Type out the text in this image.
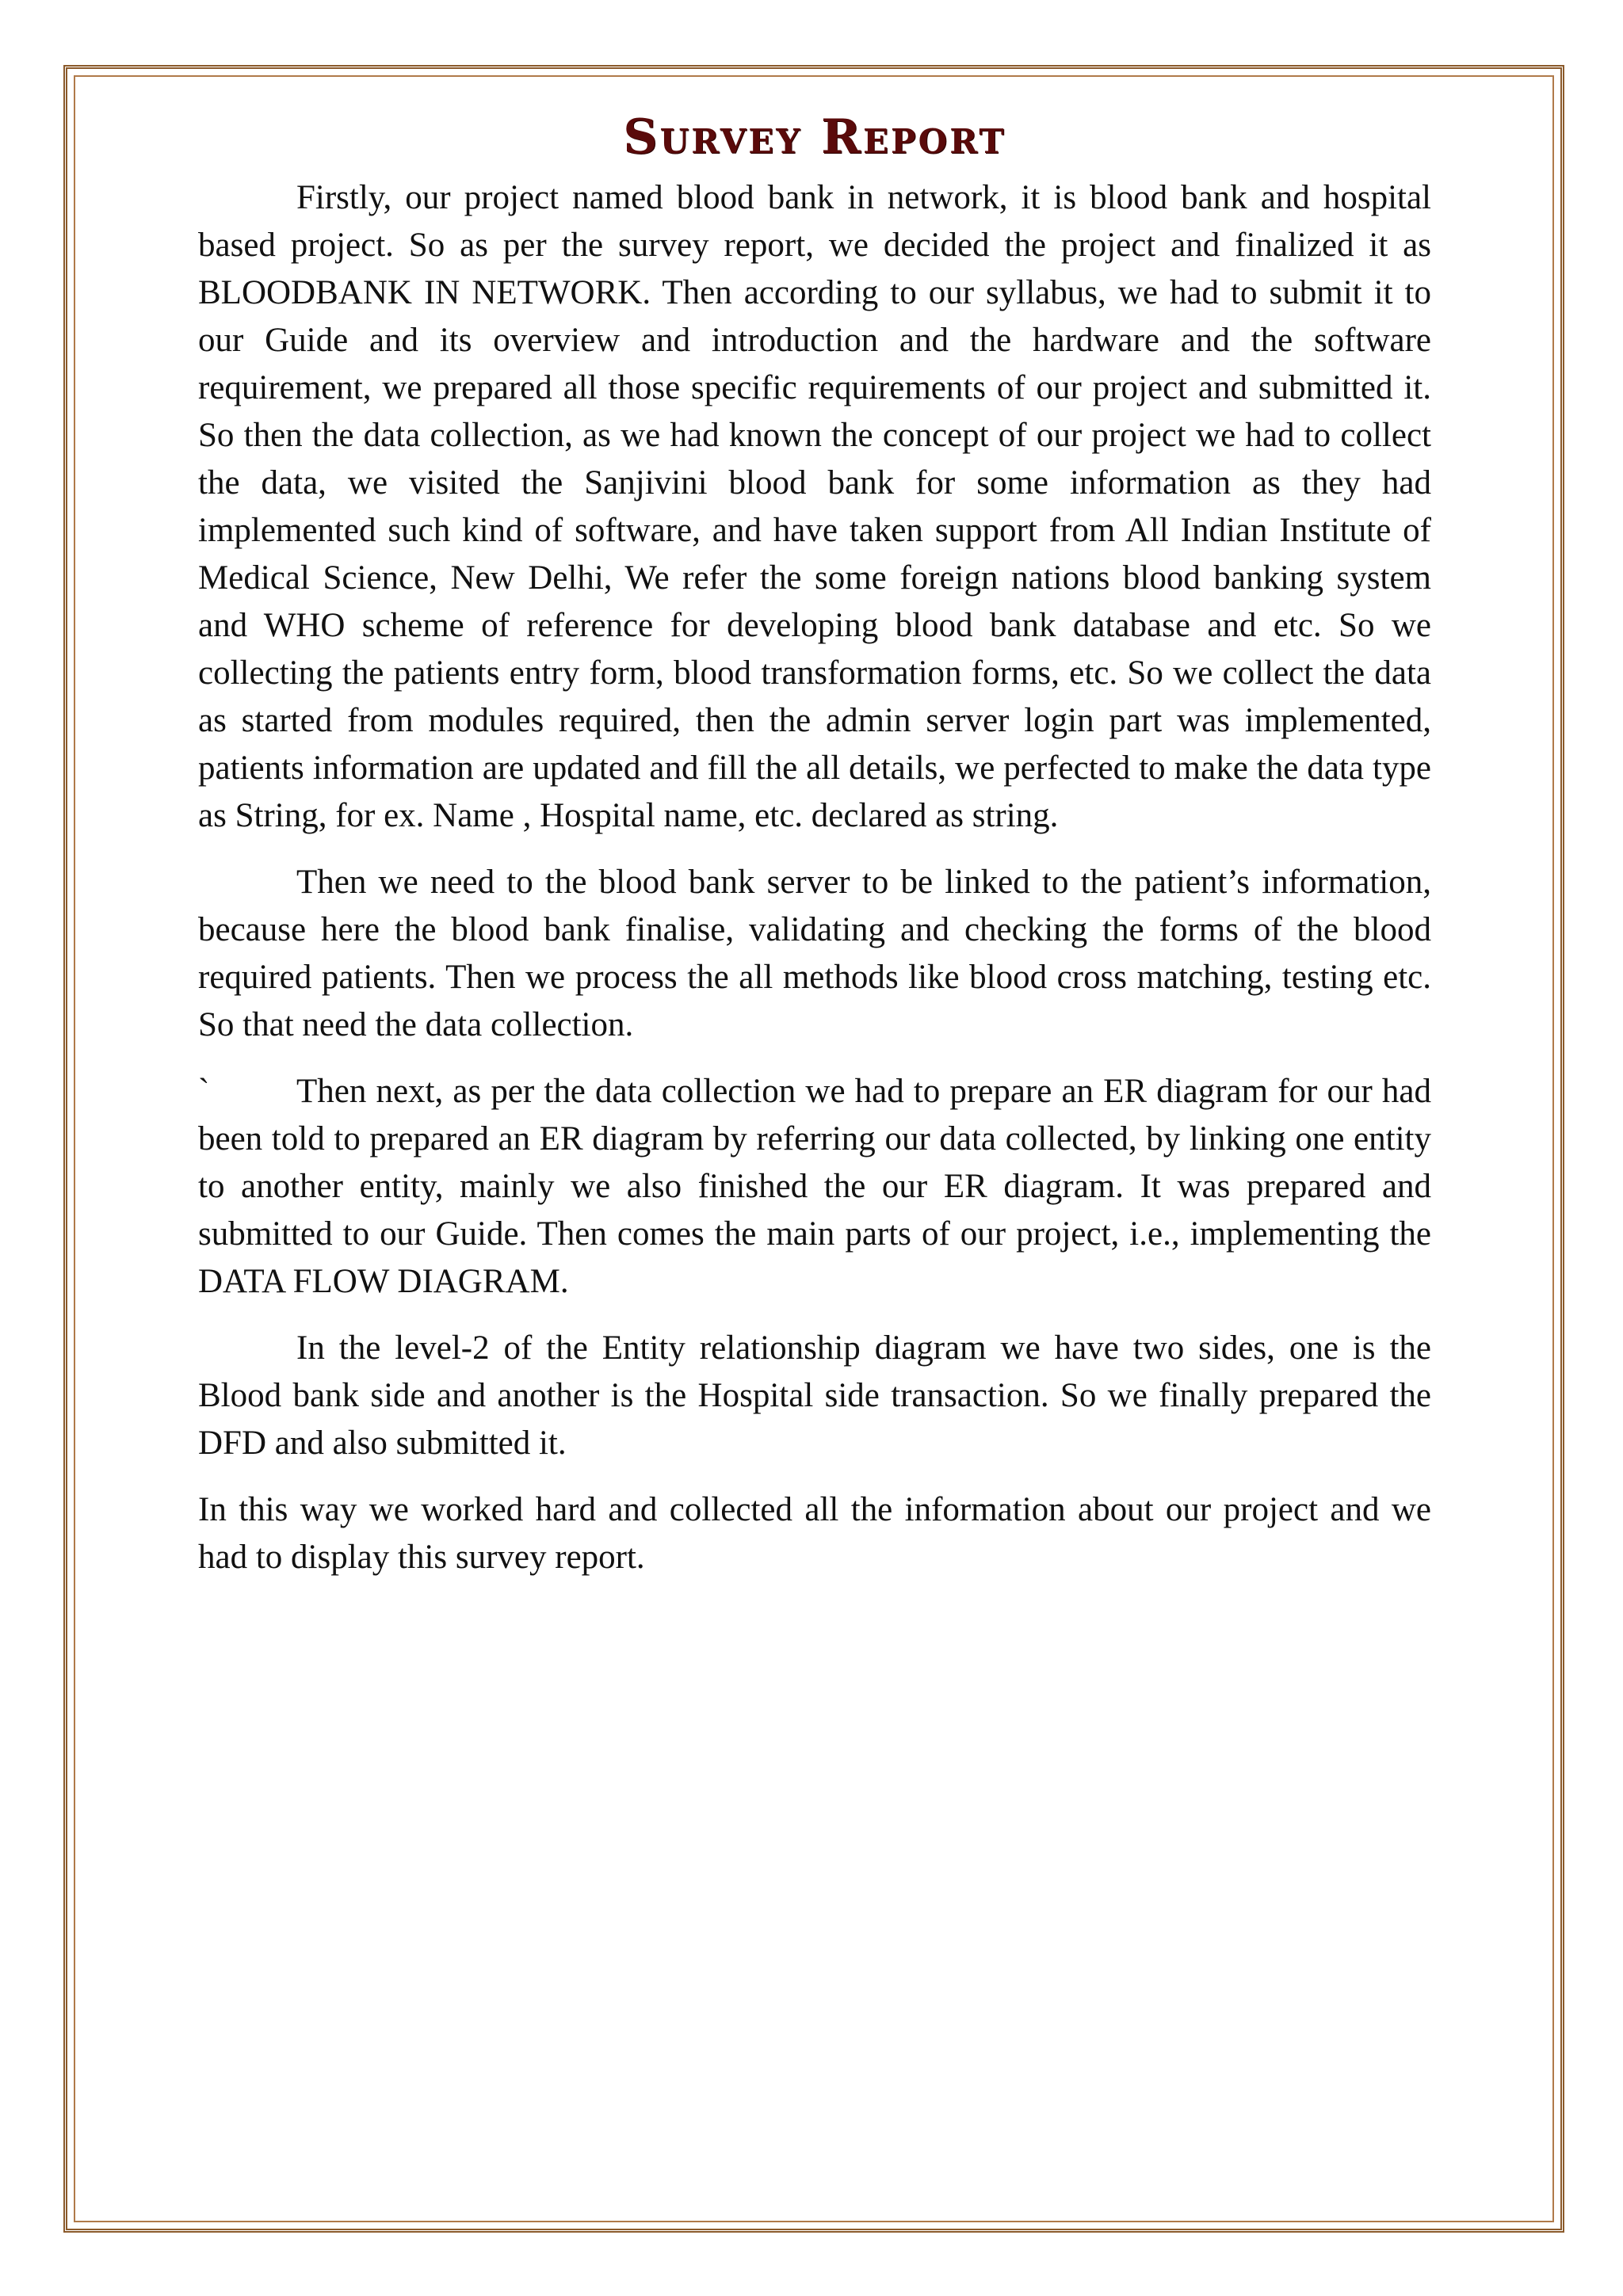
Survey Report

Firstly, our project named blood bank in network, it is blood bank and hospital based project. So as per the survey report, we decided the project and finalized it as BLOODBANK IN NETWORK. Then according to our syllabus, we had to submit it to our Guide and its overview and introduction and the hardware and the software requirement, we prepared all those specific requirements of our project and submitted it. So then the data collection, as we had known the concept of our project we had to collect the data, we visited the Sanjivini blood bank for some information as they had implemented such kind of software, and have taken support from All Indian Institute of Medical Science, New Delhi, We refer the some foreign nations blood banking system and WHO scheme of reference for developing blood bank database and etc. So we collecting the patients entry form, blood transformation forms, etc. So we collect the data as started from modules required, then the admin server login part was implemented, patients information are updated and fill the all details, we perfected to make the data type as String, for ex. Name , Hospital name, etc. declared as string.

Then we need to the blood bank server to be linked to the patient’s information, because here the blood bank finalise, validating and checking the forms of the blood required patients. Then we process the all methods like blood cross matching, testing etc. So that need the data collection.

`	Then next, as per the data collection we had to prepare an ER diagram for our had been told to prepared an ER diagram by referring our data collected, by linking one entity to another entity, mainly we also finished the our ER diagram. It was prepared and submitted to our Guide. Then comes the main parts of our project, i.e., implementing the DATA FLOW DIAGRAM.

In the level-2 of the Entity relationship diagram we have two sides, one is the Blood bank side and another is the Hospital side transaction. So we finally prepared the DFD and also submitted it.

In this way we worked hard and collected all the information about our project and we had to display this survey report.
